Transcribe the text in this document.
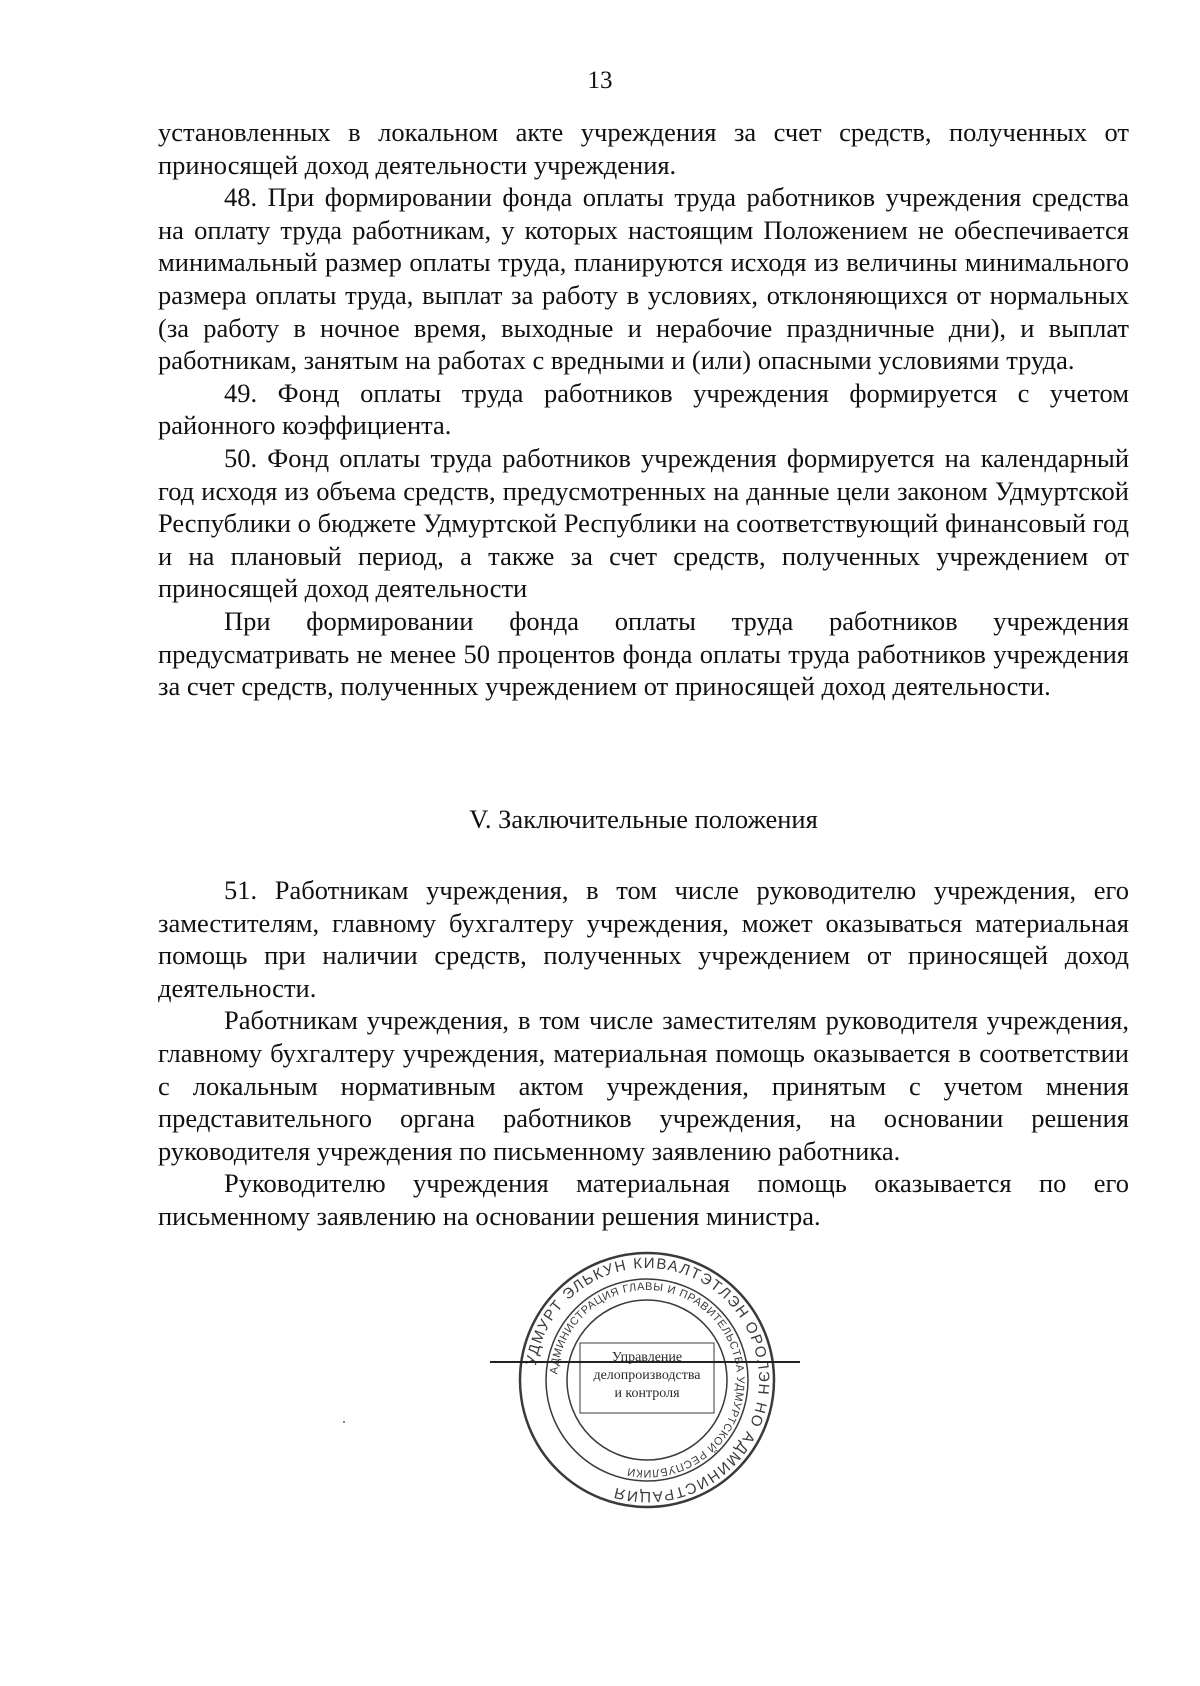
13

установленных в локальном акте учреждения за счет средств, полученных от приносящей доход деятельности учреждения.

48. При формировании фонда оплаты труда работников учреждения средства на оплату труда работникам, у которых настоящим Положением не обеспечивается минимальный размер оплаты труда, планируются исходя из величины минимального размера оплаты труда, выплат за работу в условиях, отклоняющихся от нормальных (за работу в ночное время, выходные и нерабочие праздничные дни), и выплат работникам, занятым на работах с вредными и (или) опасными условиями труда.

49. Фонд оплаты труда работников учреждения формируется с учетом районного коэффициента.

50. Фонд оплаты труда работников учреждения формируется на календарный год исходя из объема средств, предусмотренных на данные цели законом Удмуртской Республики о бюджете Удмуртской Республики на соответствующий финансовый год и на плановый период, а также за счет средств, полученных учреждением от приносящей доход деятельности

При формировании фонда оплаты труда работников учреждения предусматривать не менее 50 процентов фонда оплаты труда работников учреждения за счет средств, полученных учреждением от приносящей доход деятельности.

V. Заключительные положения

51. Работникам учреждения, в том числе руководителю учреждения, его заместителям, главному бухгалтеру учреждения, может оказываться материальная помощь при наличии средств, полученных учреждением от приносящей доход деятельности.

Работникам учреждения, в том числе заместителям руководителя учреждения, главному бухгалтеру учреждения, материальная помощь оказывается в соответствии с локальным нормативным актом учреждения, принятым с учетом мнения представительного органа работников учреждения, на основании решения руководителя учреждения по письменному заявлению работника.

Руководителю учреждения материальная помощь оказывается по его письменному заявлению на основании решения министра.

УДМУРТ ЭЛЬКУН КИВАЛТЭТЛЭН ОРОЛЭН НО АДМИНИСТРАЦИЯ
АДМИНИСТРАЦИЯ ГЛАВЫ И ПРАВИТЕЛЬСТВА УДМУРТСКОЙ РЕСПУБЛИКИ
Управление
делопроизводства
и контроля
